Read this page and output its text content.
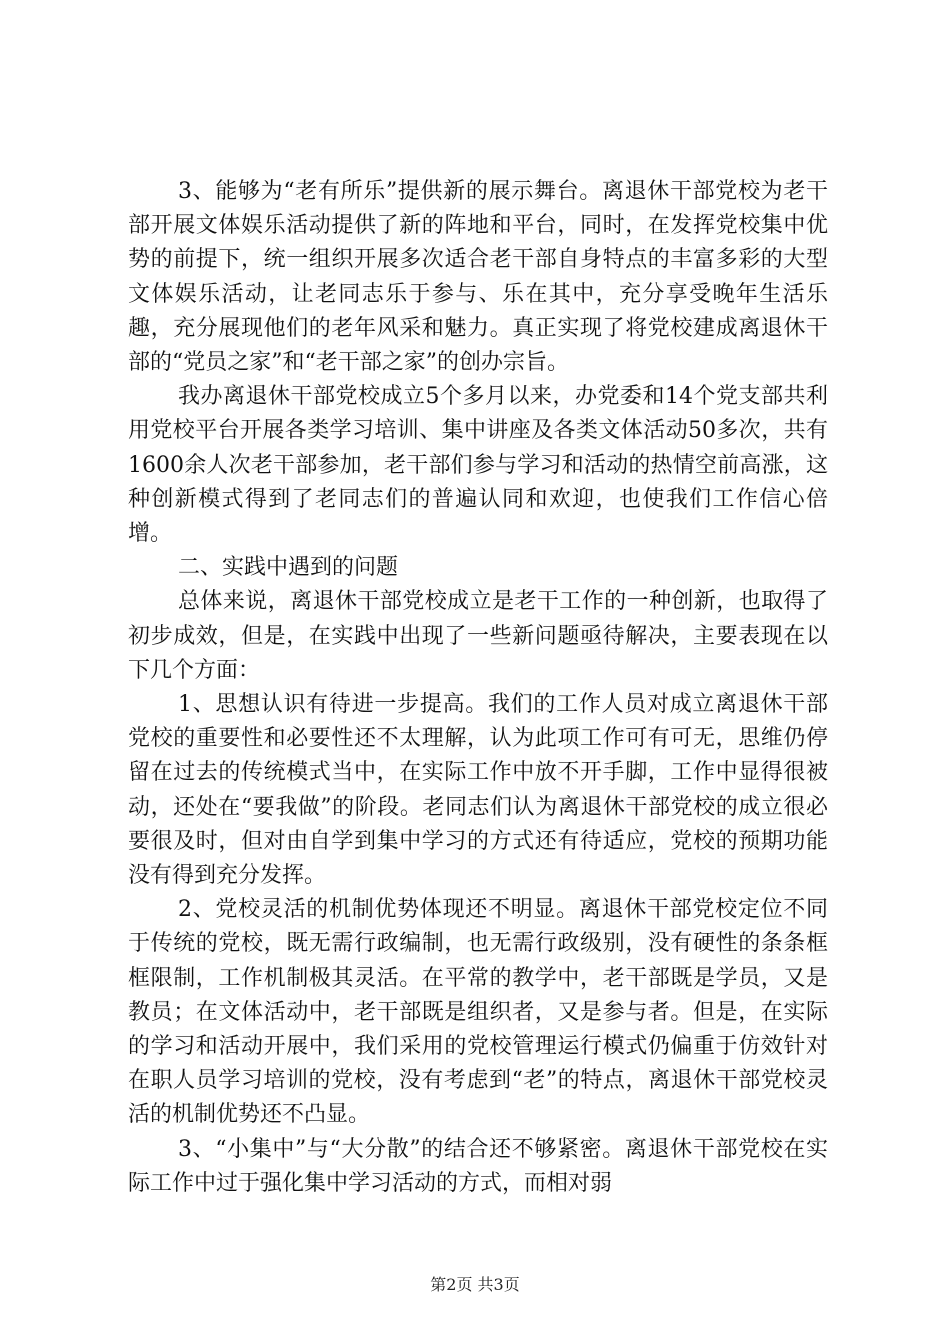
3、能够为“老有所乐”提供新的展示舞台。离退休干部党校为老干部开展文体娱乐活动提供了新的阵地和平台，同时，在发挥党校集中优势的前提下，统一组织开展多次适合老干部自身特点的丰富多彩的大型文体娱乐活动，让老同志乐于参与、乐在其中，充分享受晚年生活乐趣，充分展现他们的老年风采和魅力。真正实现了将党校建成离退休干部的“党员之家”和“老干部之家”的创办宗旨。

我办离退休干部党校成立5个多月以来，办党委和14个党支部共利用党校平台开展各类学习培训、集中讲座及各类文体活动50多次，共有1600余人次老干部参加，老干部们参与学习和活动的热情空前高涨，这种创新模式得到了老同志们的普遍认同和欢迎，也使我们工作信心倍增。

二、实践中遇到的问题

总体来说，离退休干部党校成立是老干工作的一种创新，也取得了初步成效，但是，在实践中出现了一些新问题亟待解决，主要表现在以下几个方面：

1、思想认识有待进一步提高。我们的工作人员对成立离退休干部党校的重要性和必要性还不太理解，认为此项工作可有可无，思维仍停留在过去的传统模式当中，在实际工作中放不开手脚，工作中显得很被动，还处在“要我做”的阶段。老同志们认为离退休干部党校的成立很必要很及时，但对由自学到集中学习的方式还有待适应，党校的预期功能没有得到充分发挥。

2、党校灵活的机制优势体现还不明显。离退休干部党校定位不同于传统的党校，既无需行政编制，也无需行政级别，没有硬性的条条框框限制，工作机制极其灵活。在平常的教学中，老干部既是学员，又是教员；在文体活动中，老干部既是组织者，又是参与者。但是，在实际的学习和活动开展中，我们采用的党校管理运行模式仍偏重于仿效针对在职人员学习培训的党校，没有考虑到“老”的特点，离退休干部党校灵活的机制优势还不凸显。

3、“小集中”与“大分散”的结合还不够紧密。离退休干部党校在实际工作中过于强化集中学习活动的方式，而相对弱

第2页 共3页
